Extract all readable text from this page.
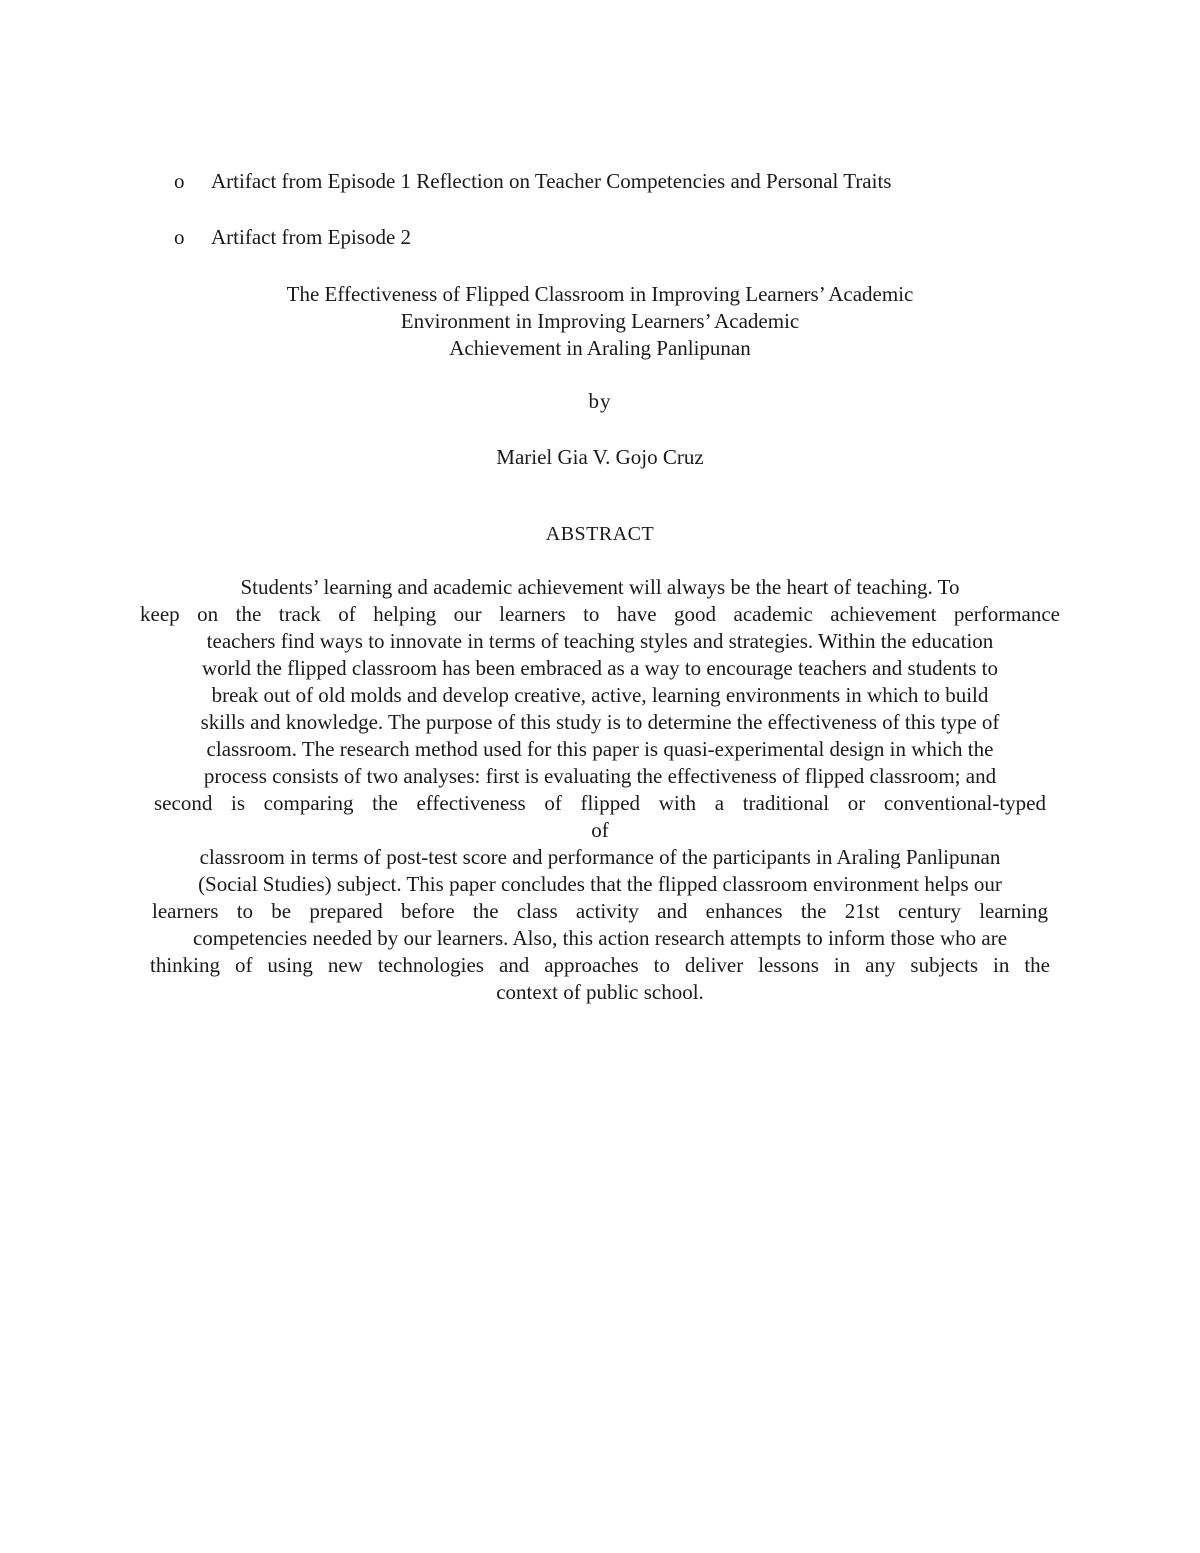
o	Artifact from Episode 1 Reflection on Teacher Competencies and Personal Traits
o	Artifact from Episode 2
The Effectiveness of Flipped Classroom in Improving Learners’ Academic
Environment in Improving Learners’ Academic
Achievement in Araling Panlipunan
by
Mariel Gia V. Gojo Cruz
ABSTRACT
Students’ learning and academic achievement will always be the heart of teaching. To
keep on the track of helping our learners to have good academic achievement performance
teachers find ways to innovate in terms of teaching styles and strategies. Within the education
world the flipped classroom has been embraced as a way to encourage teachers and students to
break out of old molds and develop creative, active, learning environments in which to build
skills and knowledge. The purpose of this study is to determine the effectiveness of this type of
classroom. The research method used for this paper is quasi-experimental design in which the
process consists of two analyses: first is evaluating the effectiveness of flipped classroom; and
second is comparing the effectiveness of flipped with a traditional or conventional-typed
of
classroom in terms of post-test score and performance of the participants in Araling Panlipunan
(Social Studies) subject. This paper concludes that the flipped classroom environment helps our
learners to be prepared before the class activity and enhances the 21st century learning
competencies needed by our learners. Also, this action research attempts to inform those who are
thinking of using new technologies and approaches to deliver lessons in any subjects in the
context of public school.
